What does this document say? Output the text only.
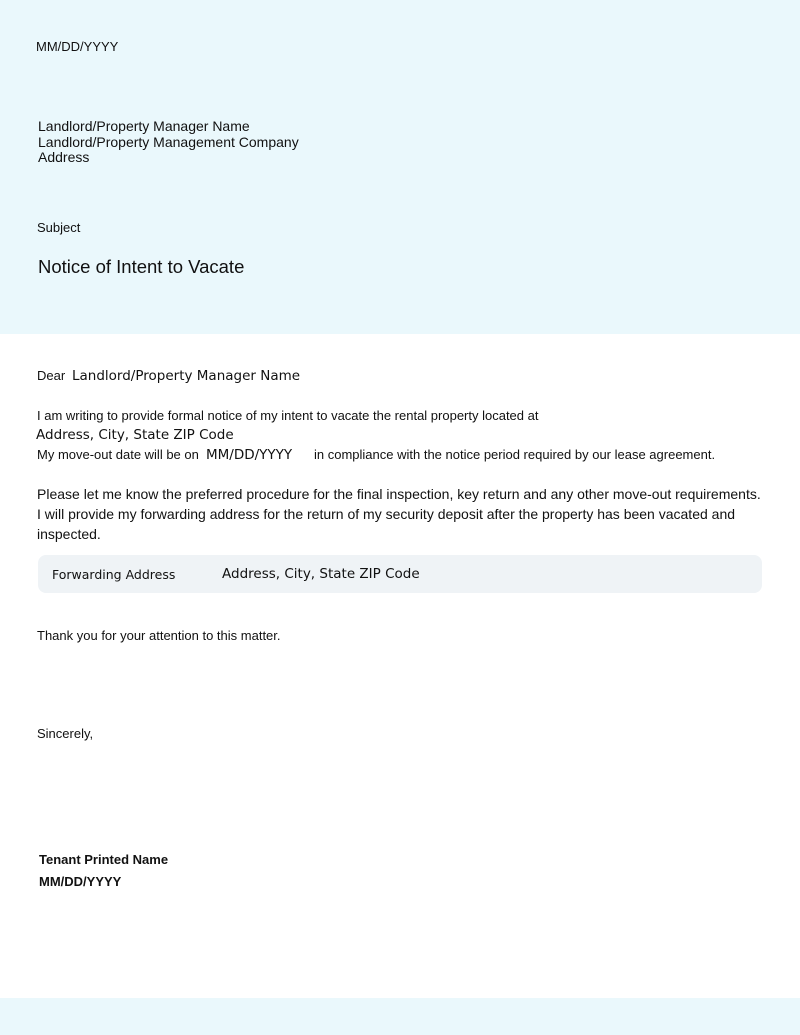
MM/DD/YYYY
Landlord/Property Manager Name
Landlord/Property Management Company
Address
Subject
Notice of Intent to Vacate
Dear Landlord/Property Manager Name
I am writing to provide formal notice of my intent to vacate the rental property located at
Address, City, State ZIP Code
My move-out date will be on MM/DD/YYYY in compliance with the notice period required by our lease agreement.
Please let me know the preferred procedure for the final inspection, key return and any other move-out requirements. I will provide my forwarding address for the return of my security deposit after the property has been vacated and inspected.
Forwarding Address	Address, City, State ZIP Code
Thank you for your attention to this matter.
Sincerely,
Tenant Printed Name
MM/DD/YYYY
